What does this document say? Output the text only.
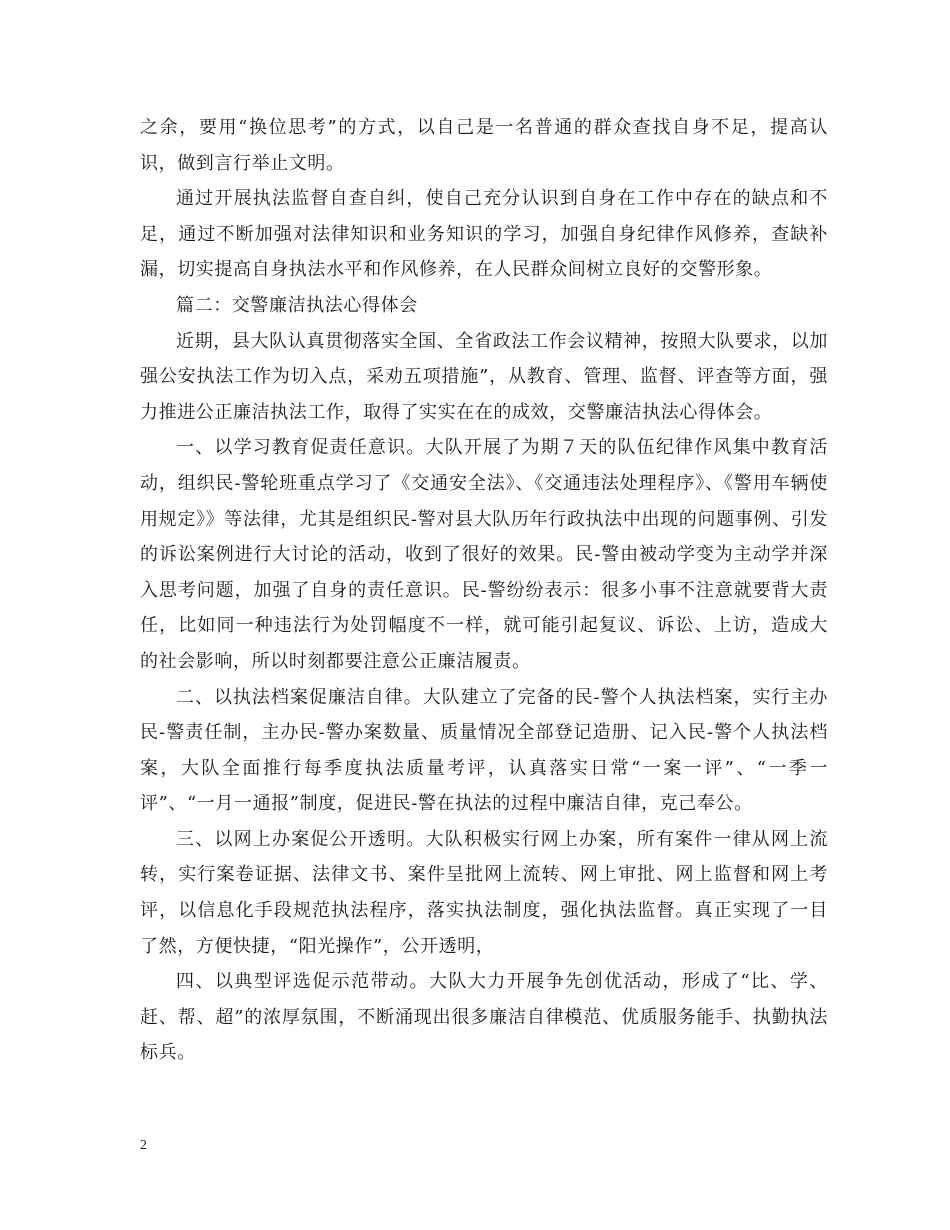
之余，要用“换位思考”的方式，以自己是一名普通的群众查找自身不足，提高认识，做到言行举止文明。

通过开展执法监督自查自纠，使自己充分认识到自身在工作中存在的缺点和不足，通过不断加强对法律知识和业务知识的学习，加强自身纪律作风修养，查缺补漏，切实提高自身执法水平和作风修养，在人民群众间树立良好的交警形象。

篇二：交警廉洁执法心得体会

近期，县大队认真贯彻落实全国、全省政法工作会议精神，按照大队要求，以加强公安执法工作为切入点，采劝五项措施”，从教育、管理、监督、评查等方面，强力推进公正廉洁执法工作，取得了实实在在的成效，交警廉洁执法心得体会。

一、以学习教育促责任意识。大队开展了为期７天的队伍纪律作风集中教育活动，组织民-警轮班重点学习了《交通安全法》、《交通违法处理程序》、《警用车辆使用规定》》等法律，尤其是组织民-警对县大队历年行政执法中出现的问题事例、引发的诉讼案例进行大讨论的活动，收到了很好的效果。民-警由被动学变为主动学并深入思考问题，加强了自身的责任意识。民-警纷纷表示：很多小事不注意就要背大责任，比如同一种违法行为处罚幅度不一样，就可能引起复议、诉讼、上访，造成大的社会影响，所以时刻都要注意公正廉洁履责。

二、以执法档案促廉洁自律。大队建立了完备的民-警个人执法档案，实行主办民-警责任制，主办民-警办案数量、质量情况全部登记造册、记入民-警个人执法档案，大队全面推行每季度执法质量考评，认真落实日常“一案一评”、“一季一评”、“一月一通报”制度，促进民-警在执法的过程中廉洁自律，克己奉公。

三、以网上办案促公开透明。大队积极实行网上办案，所有案件一律从网上流转，实行案卷证据、法律文书、案件呈批网上流转、网上审批、网上监督和网上考评，以信息化手段规范执法程序，落实执法制度，强化执法监督。真正实现了一目了然，方便快捷，“阳光操作”，公开透明，

四、以典型评选促示范带动。大队大力开展争先创优活动，形成了“比、学、赶、帮、超”的浓厚氛围，不断涌现出很多廉洁自律模范、优质服务能手、执勤执法标兵。

2
